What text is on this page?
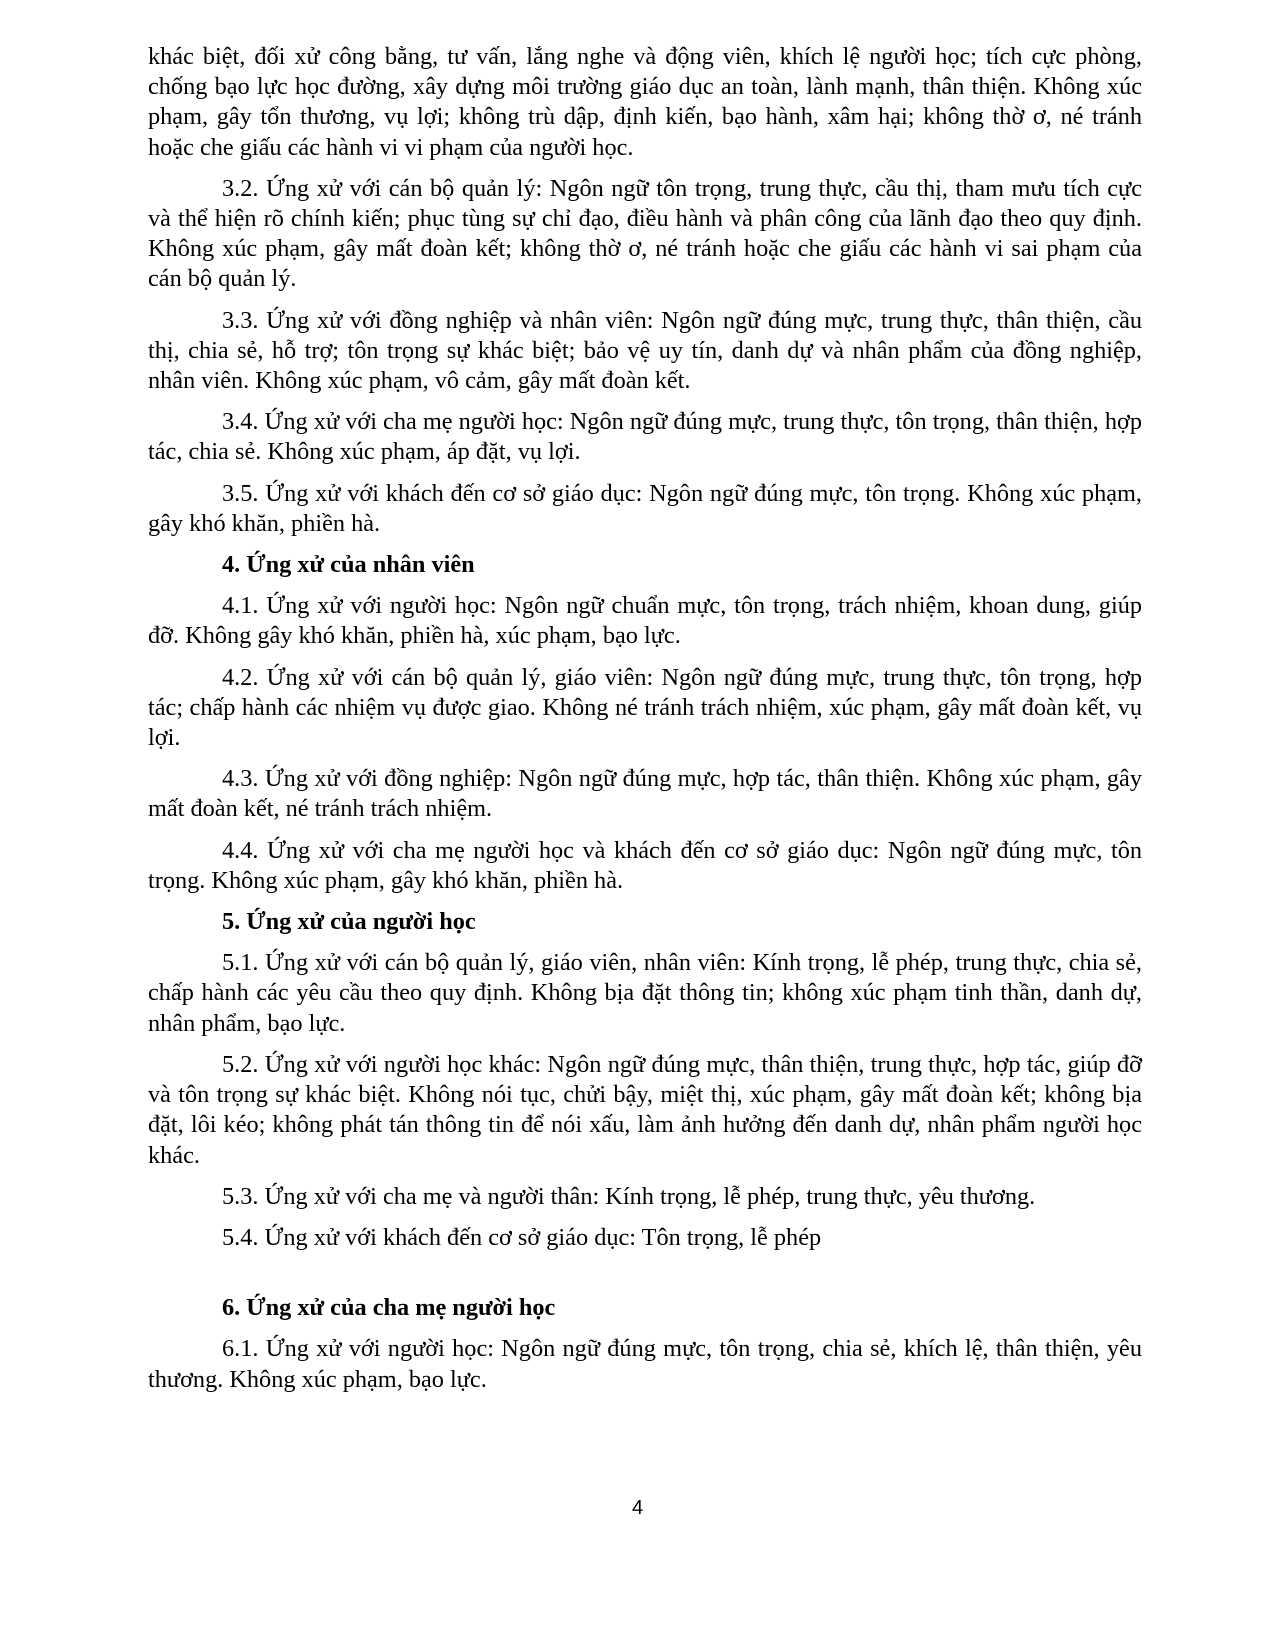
khác biệt, đối xử công bằng, tư vấn, lắng nghe và động viên, khích lệ người học; tích cực phòng, chống bạo lực học đường, xây dựng môi trường giáo dục an toàn, lành mạnh, thân thiện. Không xúc phạm, gây tổn thương, vụ lợi; không trù dập, định kiến, bạo hành, xâm hại; không thờ ơ, né tránh hoặc che giấu các hành vi vi phạm của người học.

3.2. Ứng xử với cán bộ quản lý: Ngôn ngữ tôn trọng, trung thực, cầu thị, tham mưu tích cực và thể hiện rõ chính kiến; phục tùng sự chỉ đạo, điều hành và phân công của lãnh đạo theo quy định. Không xúc phạm, gây mất đoàn kết; không thờ ơ, né tránh hoặc che giấu các hành vi sai phạm của cán bộ quản lý.

3.3. Ứng xử với đồng nghiệp và nhân viên: Ngôn ngữ đúng mực, trung thực, thân thiện, cầu thị, chia sẻ, hỗ trợ; tôn trọng sự khác biệt; bảo vệ uy tín, danh dự và nhân phẩm của đồng nghiệp, nhân viên. Không xúc phạm, vô cảm, gây mất đoàn kết.

3.4. Ứng xử với cha mẹ người học: Ngôn ngữ đúng mực, trung thực, tôn trọng, thân thiện, hợp tác, chia sẻ. Không xúc phạm, áp đặt, vụ lợi.

3.5. Ứng xử với khách đến cơ sở giáo dục: Ngôn ngữ đúng mực, tôn trọng. Không xúc phạm, gây khó khăn, phiền hà.

4. Ứng xử của nhân viên

4.1. Ứng xử với người học: Ngôn ngữ chuẩn mực, tôn trọng, trách nhiệm, khoan dung, giúp đỡ. Không gây khó khăn, phiền hà, xúc phạm, bạo lực.

4.2. Ứng xử với cán bộ quản lý, giáo viên: Ngôn ngữ đúng mực, trung thực, tôn trọng, hợp tác; chấp hành các nhiệm vụ được giao. Không né tránh trách nhiệm, xúc phạm, gây mất đoàn kết, vụ lợi.

4.3. Ứng xử với đồng nghiệp: Ngôn ngữ đúng mực, hợp tác, thân thiện. Không xúc phạm, gây mất đoàn kết, né tránh trách nhiệm.

4.4. Ứng xử với cha mẹ người học và khách đến cơ sở giáo dục: Ngôn ngữ đúng mực, tôn trọng. Không xúc phạm, gây khó khăn, phiền hà.

5. Ứng xử của người học

5.1. Ứng xử với cán bộ quản lý, giáo viên, nhân viên: Kính trọng, lễ phép, trung thực, chia sẻ, chấp hành các yêu cầu theo quy định. Không bịa đặt thông tin; không xúc phạm tinh thần, danh dự, nhân phẩm, bạo lực.

5.2. Ứng xử với người học khác: Ngôn ngữ đúng mực, thân thiện, trung thực, hợp tác, giúp đỡ và tôn trọng sự khác biệt. Không nói tục, chửi bậy, miệt thị, xúc phạm, gây mất đoàn kết; không bịa đặt, lôi kéo; không phát tán thông tin để nói xấu, làm ảnh hưởng đến danh dự, nhân phẩm người học khác.

5.3. Ứng xử với cha mẹ và người thân: Kính trọng, lễ phép, trung thực, yêu thương.

5.4. Ứng xử với khách đến cơ sở giáo dục: Tôn trọng, lễ phép

6. Ứng xử của cha mẹ người học

6.1. Ứng xử với người học: Ngôn ngữ đúng mực, tôn trọng, chia sẻ, khích lệ, thân thiện, yêu thương. Không xúc phạm, bạo lực.

4
